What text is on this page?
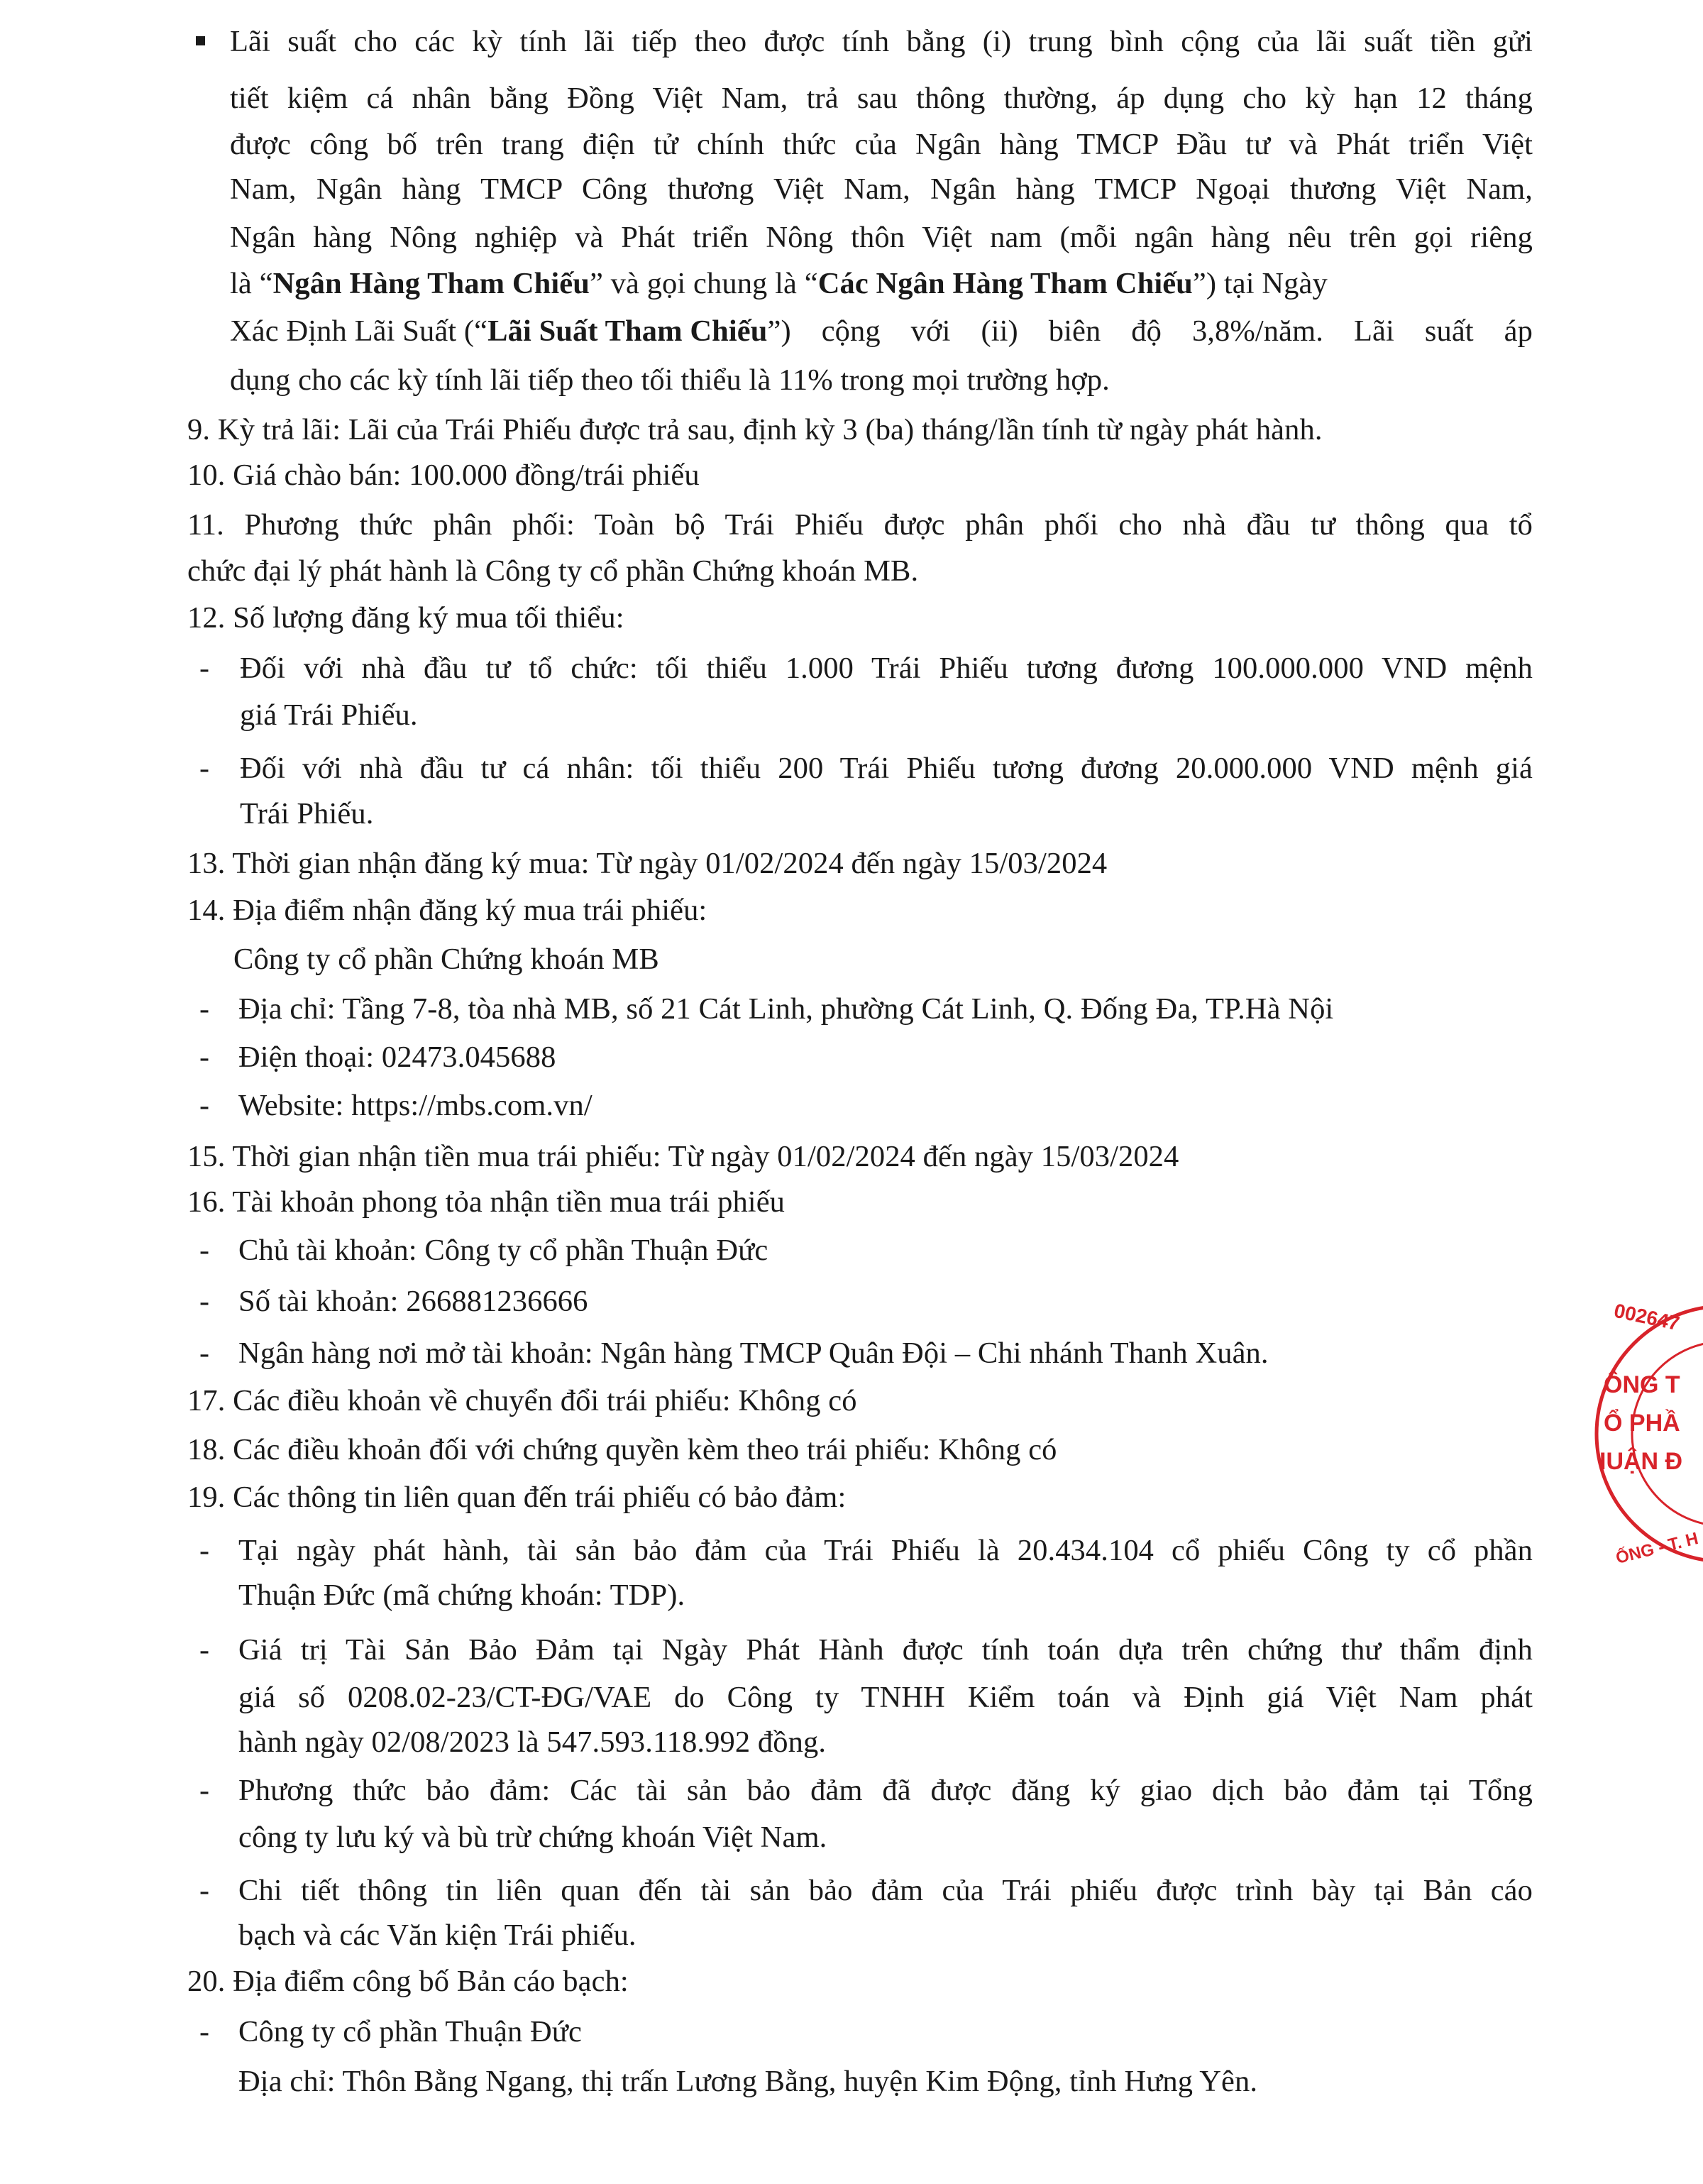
Lãi suất cho các kỳ tính lãi tiếp theo được tính bằng (i) trung bình cộng của lãi suất tiền gửi
tiết kiệm cá nhân bằng Đồng Việt Nam, trả sau thông thường, áp dụng cho kỳ hạn 12 tháng
được công bố trên trang điện tử chính thức của Ngân hàng TMCP Đầu tư và Phát triển Việt
Nam, Ngân hàng TMCP Công thương Việt Nam, Ngân hàng TMCP Ngoại thương Việt Nam,
Ngân hàng Nông nghiệp và Phát triển Nông thôn Việt nam (mỗi ngân hàng nêu trên gọi riêng
là “Ngân Hàng Tham Chiếu” và gọi chung là “Các Ngân Hàng Tham Chiếu”) tại Ngày
Xác Định Lãi Suất (“ Lãi Suất Tham Chiếu ”) cộng với (ii) biên độ 3,8%/năm. Lãi suất áp
dụng cho các kỳ tính lãi tiếp theo tối thiểu là 11% trong mọi trường hợp.
9. Kỳ trả lãi: Lãi của Trái Phiếu được trả sau, định kỳ 3 (ba) tháng/lần tính từ ngày phát hành.
10. Giá chào bán: 100.000 đồng/trái phiếu
11. Phương thức phân phối: Toàn bộ Trái Phiếu được phân phối cho nhà đầu tư thông qua tổ
chức đại lý phát hành là Công ty cổ phần Chứng khoán MB.
12. Số lượng đăng ký mua tối thiểu:
- Đối với nhà đầu tư tổ chức: tối thiểu 1.000 Trái Phiếu tương đương 100.000.000 VND mệnh
giá Trái Phiếu.
- Đối với nhà đầu tư cá nhân: tối thiểu 200 Trái Phiếu tương đương 20.000.000 VND mệnh giá
Trái Phiếu.
13. Thời gian nhận đăng ký mua: Từ ngày 01/02/2024 đến ngày 15/03/2024
14. Địa điểm nhận đăng ký mua trái phiếu:
Công ty cổ phần Chứng khoán MB
- Địa chỉ: Tầng 7-8, tòa nhà MB, số 21 Cát Linh, phường Cát Linh, Q. Đống Đa, TP.Hà Nội
- Điện thoại: 02473.045688
- Website: https://mbs.com.vn/
15. Thời gian nhận tiền mua trái phiếu: Từ ngày 01/02/2024 đến ngày 15/03/2024
16. Tài khoản phong tỏa nhận tiền mua trái phiếu
- Chủ tài khoản: Công ty cổ phần Thuận Đức
- Số tài khoản: 266881236666
- Ngân hàng nơi mở tài khoản: Ngân hàng TMCP Quân Đội – Chi nhánh Thanh Xuân.
17. Các điều khoản về chuyển đổi trái phiếu: Không có
18. Các điều khoản đối với chứng quyền kèm theo trái phiếu: Không có
19. Các thông tin liên quan đến trái phiếu có bảo đảm:
- Tại ngày phát hành, tài sản bảo đảm của Trái Phiếu là 20.434.104 cổ phiếu Công ty cổ phần
Thuận Đức (mã chứng khoán: TDP).
- Giá trị Tài Sản Bảo Đảm tại Ngày Phát Hành được tính toán dựa trên chứng thư thẩm định
giá số 0208.02-23/CT-ĐG/VAE do Công ty TNHH Kiểm toán và Định giá Việt Nam phát
hành ngày 02/08/2023 là 547.593.118.992 đồng.
- Phương thức bảo đảm: Các tài sản bảo đảm đã được đăng ký giao dịch bảo đảm tại Tổng
công ty lưu ký và bù trừ chứng khoán Việt Nam.
- Chi tiết thông tin liên quan đến tài sản bảo đảm của Trái phiếu được trình bày tại Bản cáo
bạch và các Văn kiện Trái phiếu.
20. Địa điểm công bố Bản cáo bạch:
- Công ty cổ phần Thuận Đức
Địa chỉ: Thôn Bằng Ngang, thị trấn Lương Bằng, huyện Kim Động, tỉnh Hưng Yên.
002647
ÔNG T
Ổ PHẦ
IUẬN Đ
ỐNG - T. H
